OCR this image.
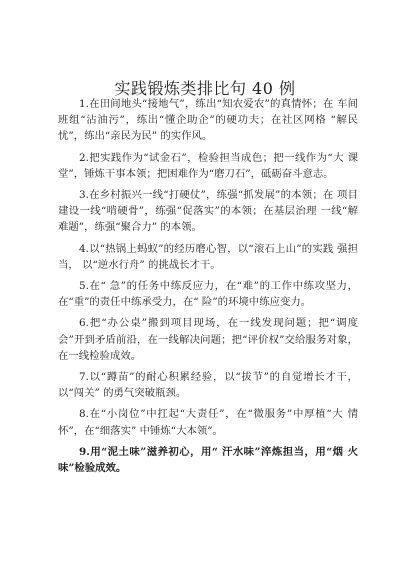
实践锻炼类排比句 40 例

1.在田间地头“接地气”，练出“知农爱农”的真情怀；在 车间班组“沾油污”，练出“懂企助企”的硬功夫；在社区网格 “解民忧”，练出“亲民为民” 的实作风。

2.把实践作为“试金石”，检验担当成色；把一线作为“大 课堂”，锤炼干事本领；把困难作为“磨刀石”，砥砺奋斗意志。

3.在乡村振兴一线“打硬仗”，练强“抓发展”的本领；在 项目建设一线“啃硬骨”，练强“促落实”的本领；在基层治理 一线“解难题”，练强“聚合力” 的本领。

4.以“热锅上蚂蚁”的经历磨心智，以“滚石上山”的实践 强担当， 以“逆水行舟” 的挑战长才干。

5.在“ 急”的任务中练反应力，在“难”的工作中练攻坚力，在“重”的责任中练承受力，在“ 险”的环境中练应变力。

6.把“办公桌”搬到项目现场，在一线发现问题；把“调度会”开到矛盾前沿，在一线解决问题；把“评价权”交给服务对象，在一线检验成效。

7.以“蹲苗”的耐心积累经验，以“拔节”的自觉增长才干， 以“闯关” 的勇气突破瓶颈。

8.在“小岗位”中扛起“大责任”，在“微服务”中厚植“大 情怀”，在“细落实” 中锤炼“大本领”。

9.用“泥土味”滋养初心，用“ 汗水味”淬炼担当，用“烟 火味”检验成效。
